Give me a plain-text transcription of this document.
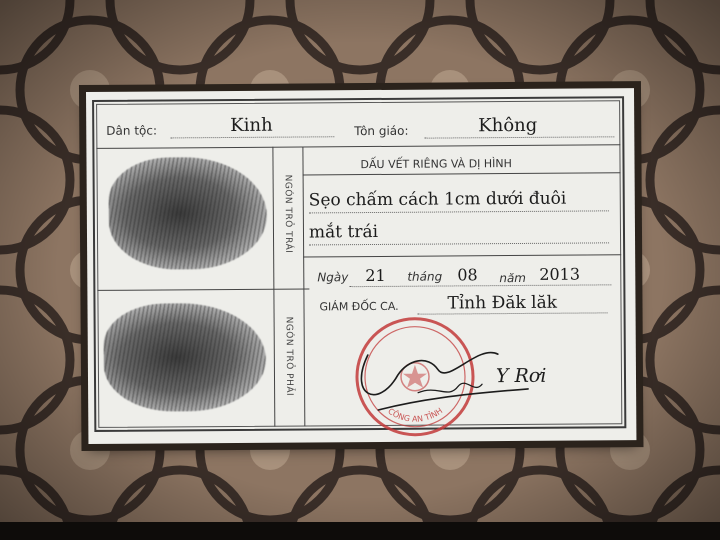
Dân tộc:	Kinh	Tôn giáo:	Không
NGÓN TRỎ TRÁI
NGÓN TRỎ PHẢI
DẤU VẾT RIÊNG VÀ DỊ HÌNH
Sẹo chấm cách 1cm dưới đuôi
mắt trái
Ngày 21 tháng 08 năm 2013
GIÁM ĐỐC CA.	Tỉnh Đăk lăk
CÔNG AN TỈNH
Y Rơi
